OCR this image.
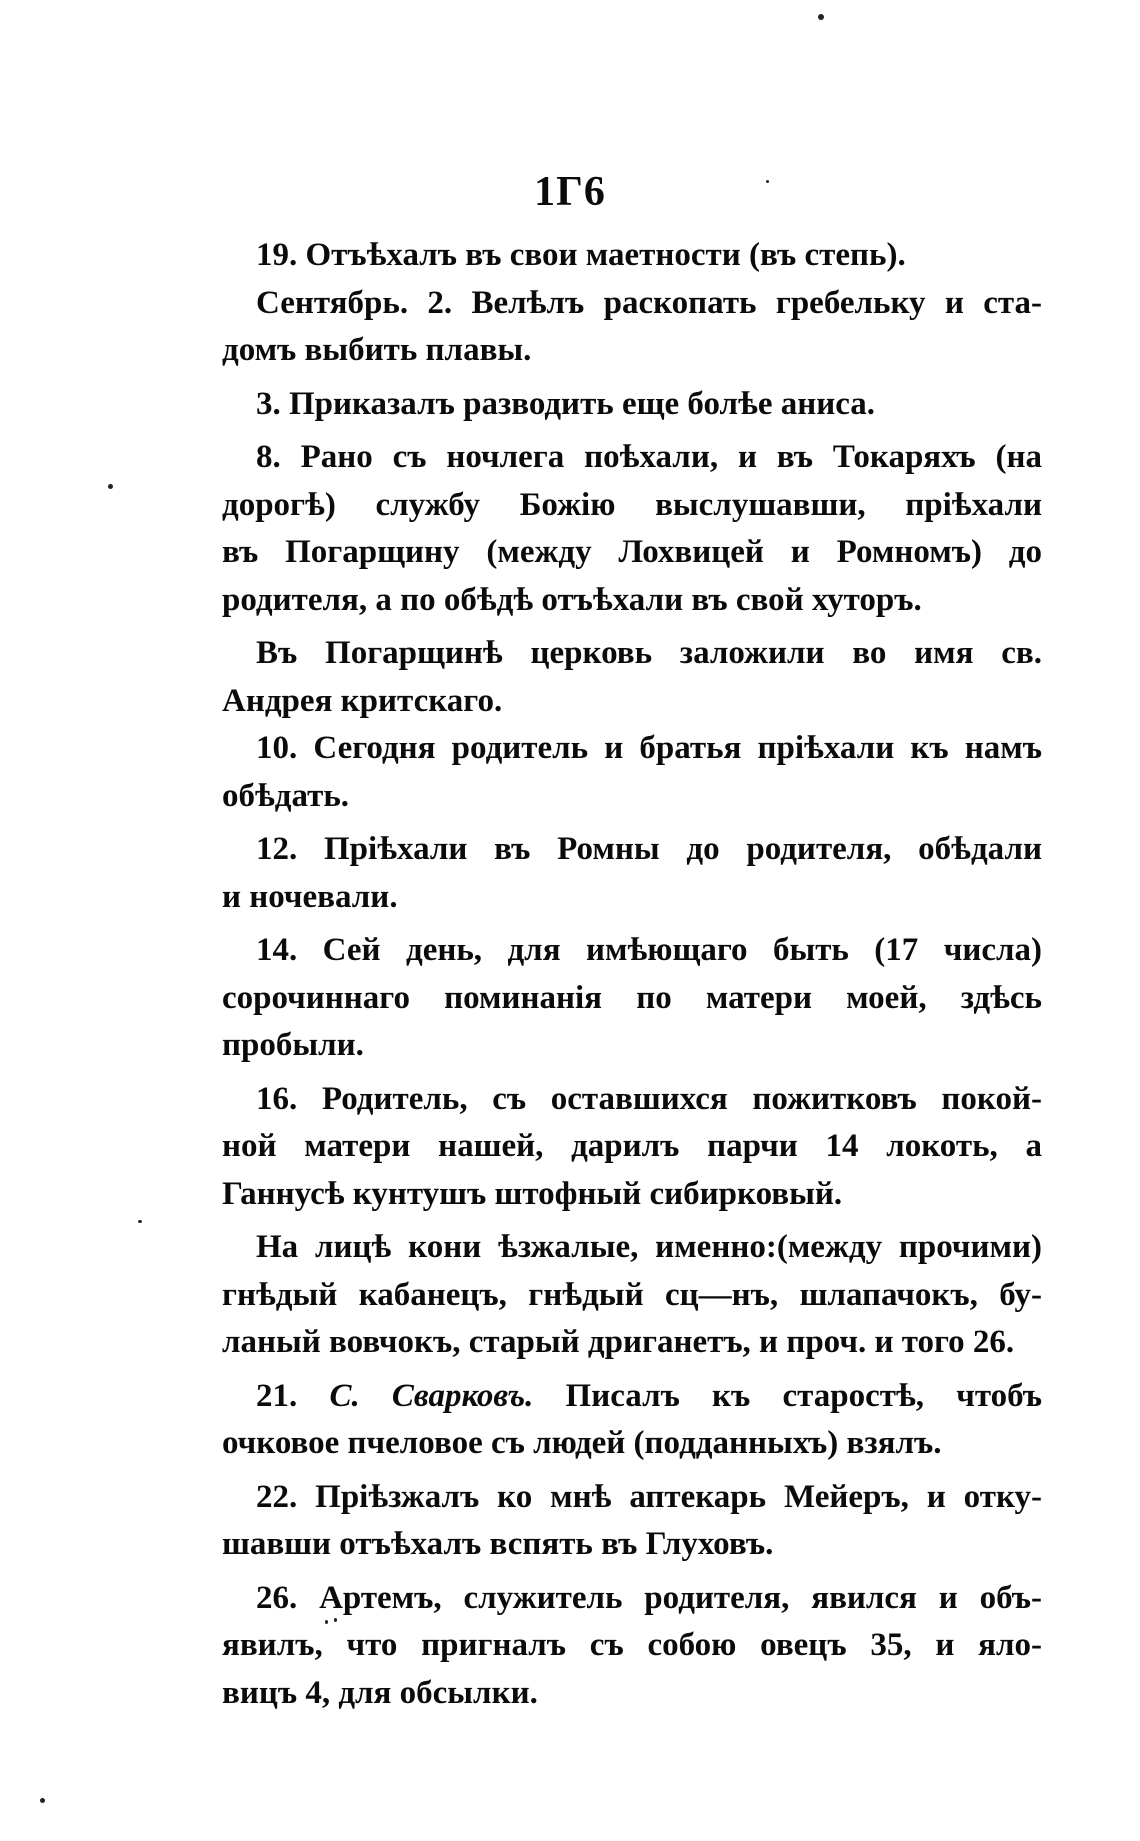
1Г6
19. Отъѣхалъ въ свои маетности (въ степь).
Сентябрь. 2. Велѣлъ раскопать гребельку и ста-
домъ выбить плавы.
3. Приказалъ разводить еще болѣе аниса.
8. Рано съ ночлега поѣхали, и въ Токаряхъ (на
дорогѣ) службу Божію выслушавши, пріѣхали
въ Погарщину (между Лохвицей и Ромномъ) до
родителя, а по обѣдѣ отъѣхали въ свой хуторъ.
Въ Погарщинѣ церковь заложили во имя св.
Андрея критскаго.
10. Сегодня родитель и братья пріѣхали къ намъ
обѣдать.
12. Пріѣхали въ Ромны до родителя, обѣдали
и ночевали.
14. Сей день, для имѣющаго быть (17 числа)
сорочиннаго поминанія по матери моей, здѣсь
пробыли.
16. Родитель, съ оставшихся пожитковъ покой-
ной матери нашей, дарилъ парчи 14 локоть, а
Ганнусѣ кунтушъ штофный сибирковый.
На лицѣ кони ѣзжалые, именно:(между прочими)
гнѣдый кабанецъ, гнѣдый сц—нъ, шлапачокъ, бу-
ланый вовчокъ, старый дриганетъ, и проч. и того 26.
21. С. Сварковъ. Писалъ къ старостѣ, чтобъ
очковое пчеловое съ людей (подданныхъ) взялъ.
22. Пріѣзжалъ ко мнѣ аптекарь Мейеръ, и отку-
шавши отъѣхалъ вспять въ Глуховъ.
26. Артемъ, служитель родителя, явился и объ-
явилъ, что пригналъ съ собою овецъ 35, и ялo-
вицъ 4, для обсылки.
